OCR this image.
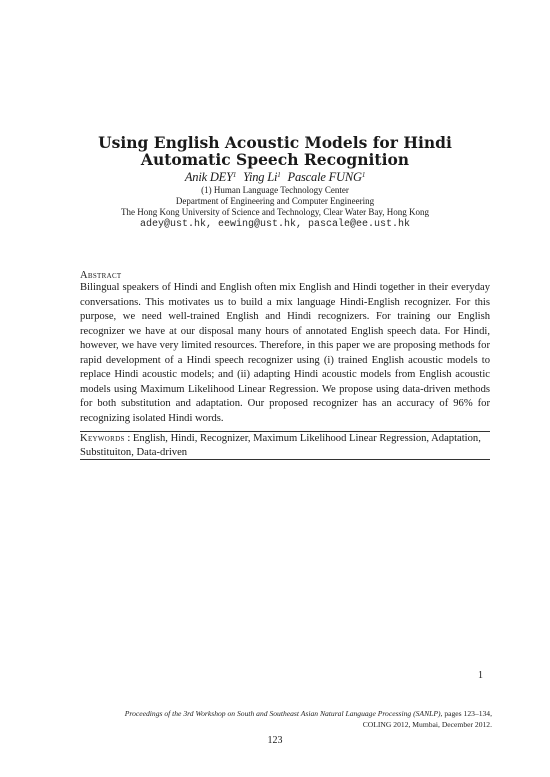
Using English Acoustic Models for Hindi Automatic Speech Recognition
Anik DEY$^1$ Ying Li$^1$ Pascale FUNG$^1$
(1) Human Language Technology Center
Department of Engineering and Computer Engineering
The Hong Kong University of Science and Technology, Clear Water Bay, Hong Kong
adey@ust.hk, eewing@ust.hk, pascale@ee.ust.hk
Abstract
Bilingual speakers of Hindi and English often mix English and Hindi together in their everyday conversations. This motivates us to build a mix language Hindi-English recognizer. For this purpose, we need well-trained English and Hindi recognizers. For training our English recognizer we have at our disposal many hours of annotated English speech data. For Hindi, however, we have very limited resources. Therefore, in this paper we are proposing methods for rapid development of a Hindi speech recognizer using (i) trained English acoustic models to replace Hindi acoustic models; and (ii) adapting Hindi acoustic models from English acoustic models using Maximum Likelihood Linear Regression. We propose using data-driven methods for both substitution and adaptation. Our proposed recognizer has an accuracy of 96% for recognizing isolated Hindi words.
Keywords : English, Hindi, Recognizer, Maximum Likelihood Linear Regression, Adaptation, Substituiton, Data-driven
1
Proceedings of the 3rd Workshop on South and Southeast Asian Natural Language Processing (SANLP), pages 123–134,
COLING 2012, Mumbai, December 2012.
123
